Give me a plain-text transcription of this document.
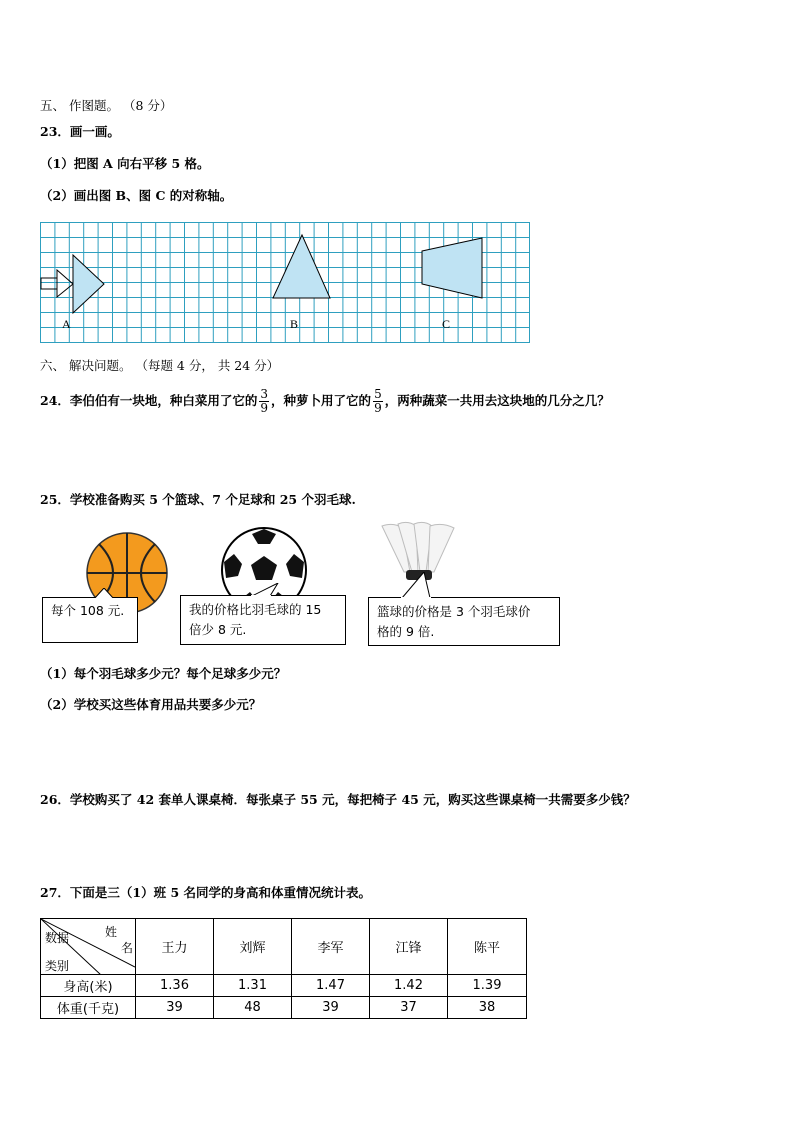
五、 作图题。 （8 分）
23．画一画。
（1）把图 A 向右平移 5 格。
（2）画出图 B、图 C 的对称轴。
A	B	C
六、 解决问题。 （每题 4 分， 共 24 分）
24．李伯伯有一块地，种白菜用了它的 $\frac{3}{9}$ ，种萝卜用了它的 $\frac{5}{9}$ ，两种蔬菜一共用去这块地的几分之几？
25．学校准备购买 5 个篮球、7 个足球和 25 个羽毛球.
每个 108 元.	我的价格比羽毛球的 15
倍少 8 元.
篮球的价格是 3 个羽毛球价
格的 9 倍.
（1）每个羽毛球多少元？每个足球多少元？
（2）学校买这些体育用品共要多少元？
26．学校购买了 42 套单人课桌椅．每张桌子 55 元，每把椅子 45 元，购买这些课桌椅一共需要多少钱？
27．下面是三（1）班 5 名同学的身高和体重情况统计表。
姓
名
数据
类别	王力	刘辉	李军	江锋	陈平
身高(米)	1.36	1.31	1.47	1.42	1.39
体重(千克)	39	48	39	37	38
